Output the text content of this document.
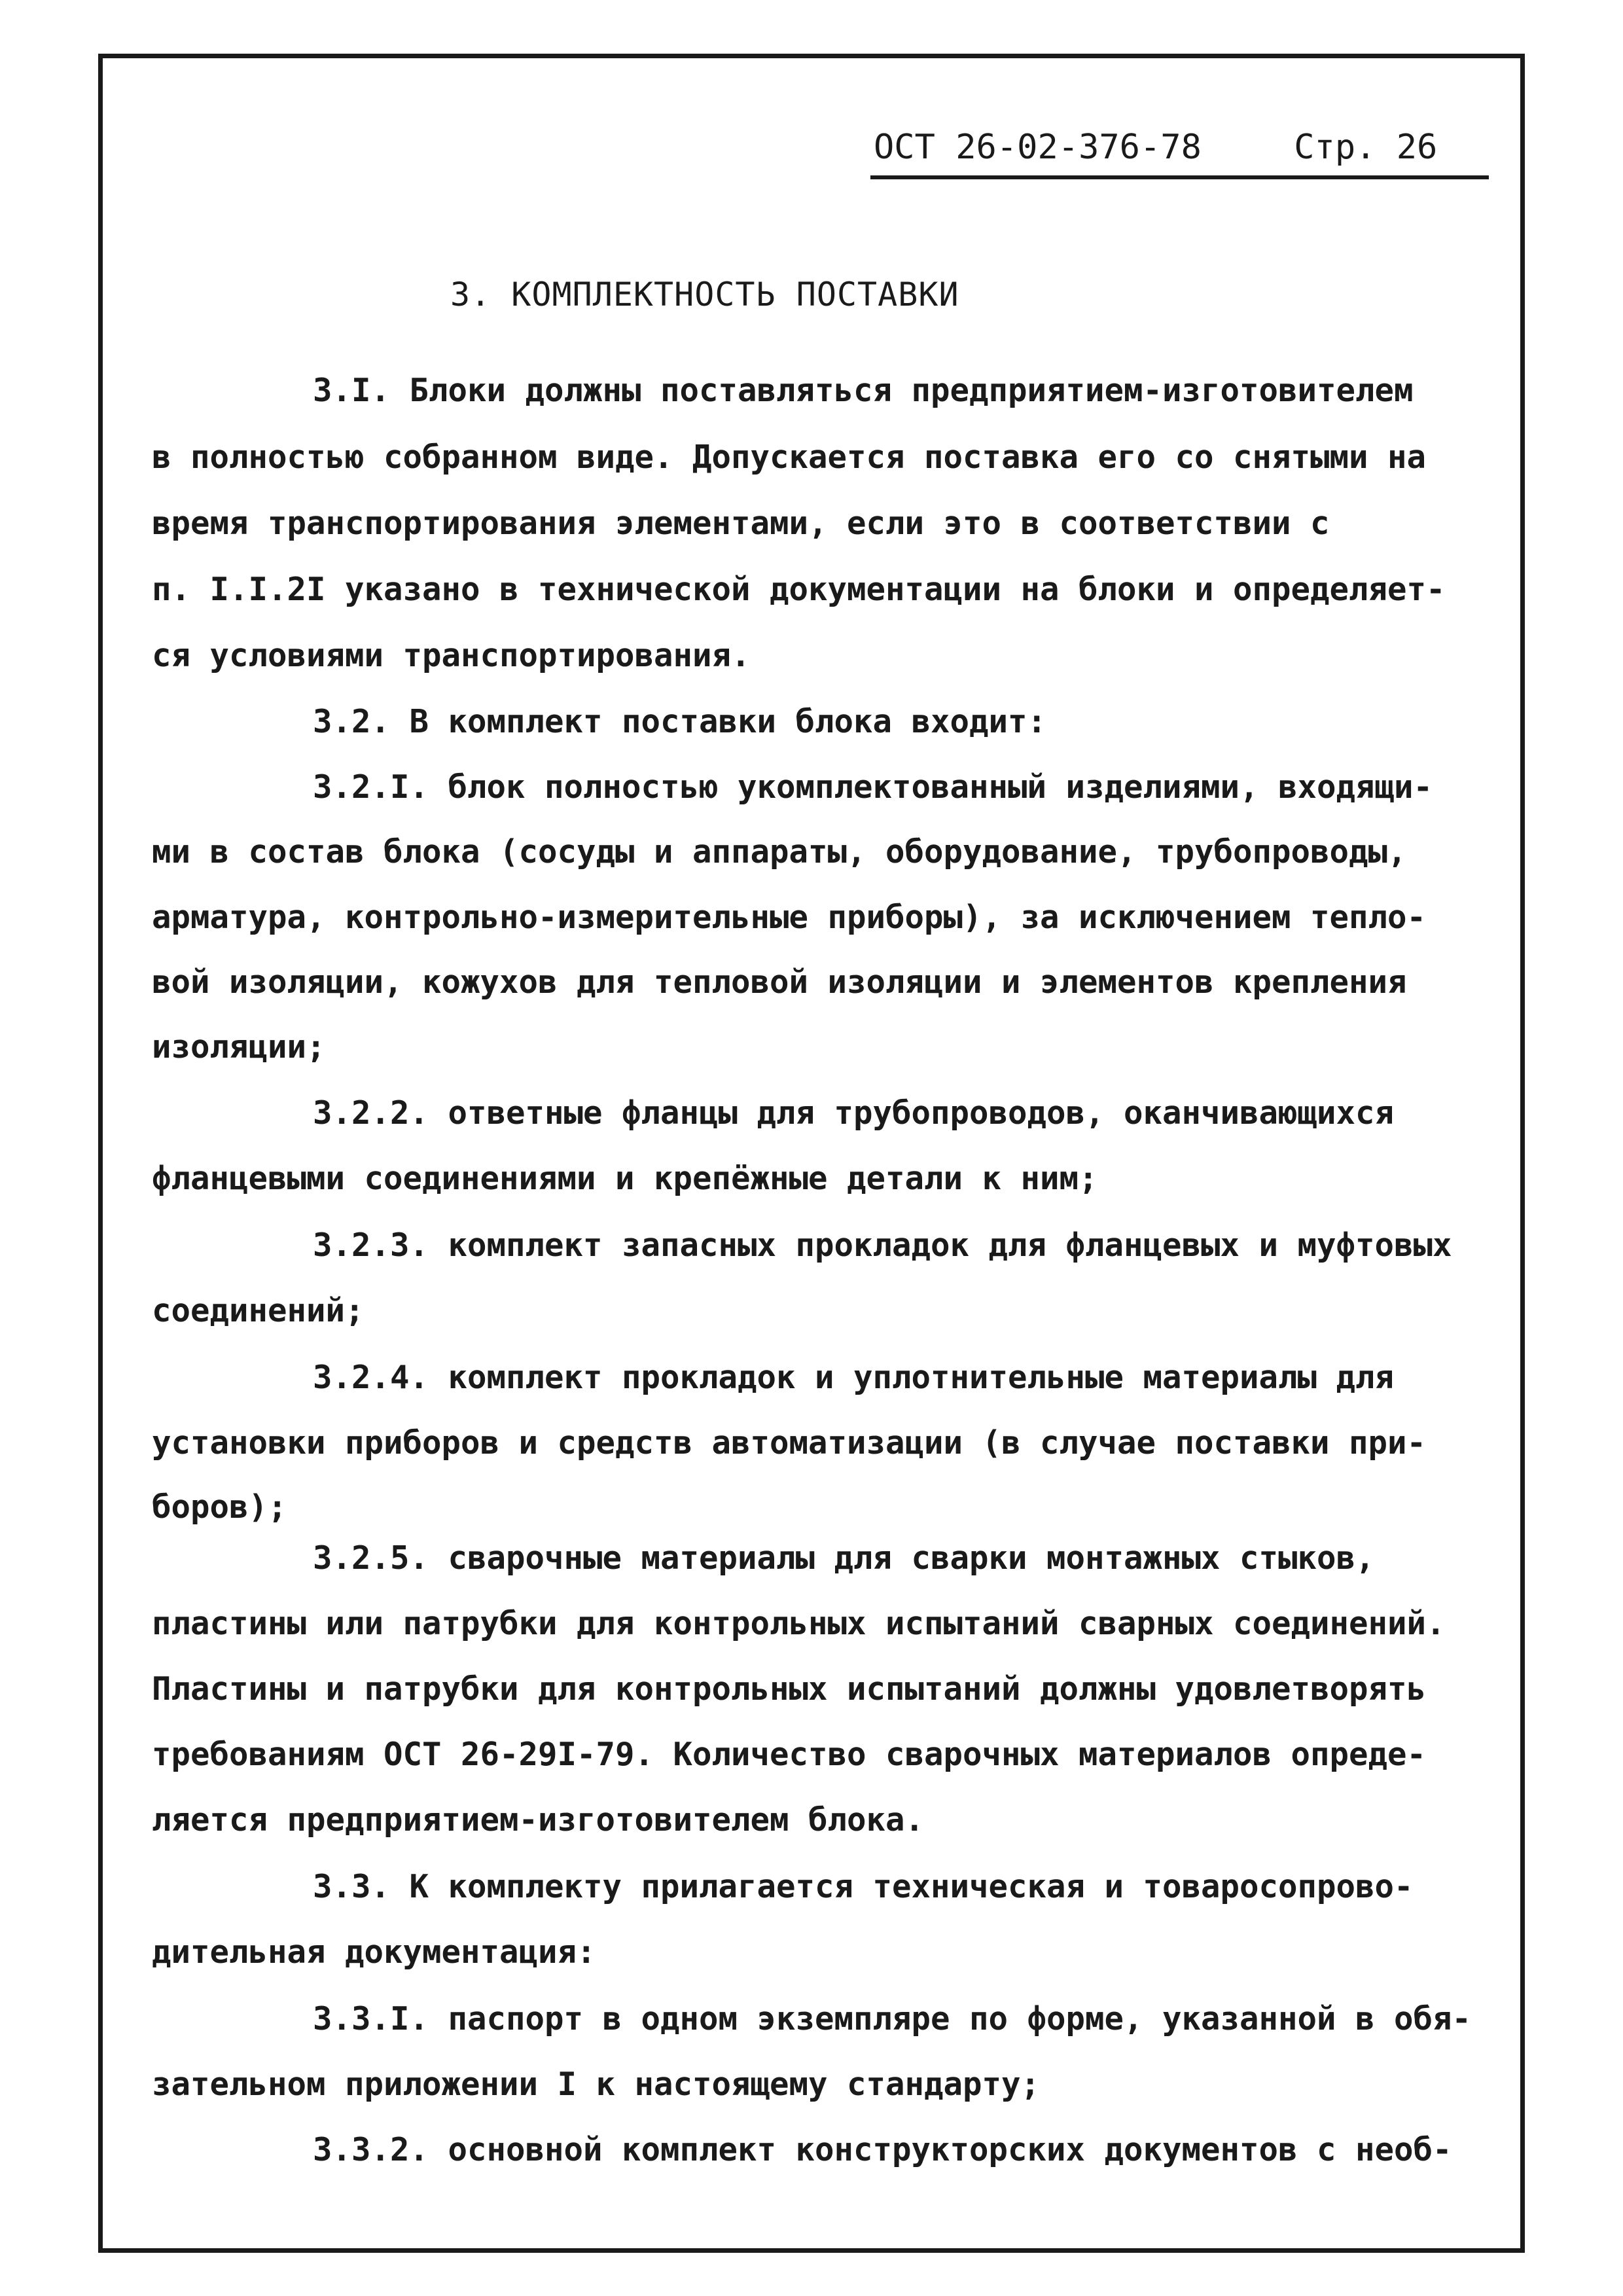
ОСТ 26-02-376-78	Стр. 26
3. КОМПЛЕКТНОСТЬ ПОСТАВКИ
3.I. Блоки должны поставляться предприятием-изготовителем
в полностью собранном виде. Допускается поставка его со снятыми на
время транспортирования элементами, если это в соответствии с
п. I.I.2I указано в технической документации на блоки и определяет-
ся условиями транспортирования.
3.2. В комплект поставки блока входит:
3.2.I. блок полностью укомплектованный изделиями, входящи-
ми в состав блока (сосуды и аппараты, оборудование, трубопроводы,
арматура, контрольно-измерительные приборы), за исключением тепло-
вой изоляции, кожухов для тепловой изоляции и элементов крепления
изоляции;
3.2.2. ответные фланцы для трубопроводов, оканчивающихся
фланцевыми соединениями и крепёжные детали к ним;
3.2.3. комплект запасных прокладок для фланцевых и муфтовых
соединений;
3.2.4. комплект прокладок и уплотнительные материалы для
установки приборов и средств автоматизации (в случае поставки при-
боров);
3.2.5. сварочные материалы для сварки монтажных стыков,
пластины или патрубки для контрольных испытаний сварных соединений.
Пластины и патрубки для контрольных испытаний должны удовлетворять
требованиям ОСТ 26-29I-79. Количество сварочных материалов опреде-
ляется предприятием-изготовителем блока.
3.3. К комплекту прилагается техническая и товаросопрово-
дительная документация:
3.3.I. паспорт в одном экземпляре по форме, указанной в обя-
зательном приложении I к настоящему стандарту;
3.3.2. основной комплект конструкторских документов с необ-
